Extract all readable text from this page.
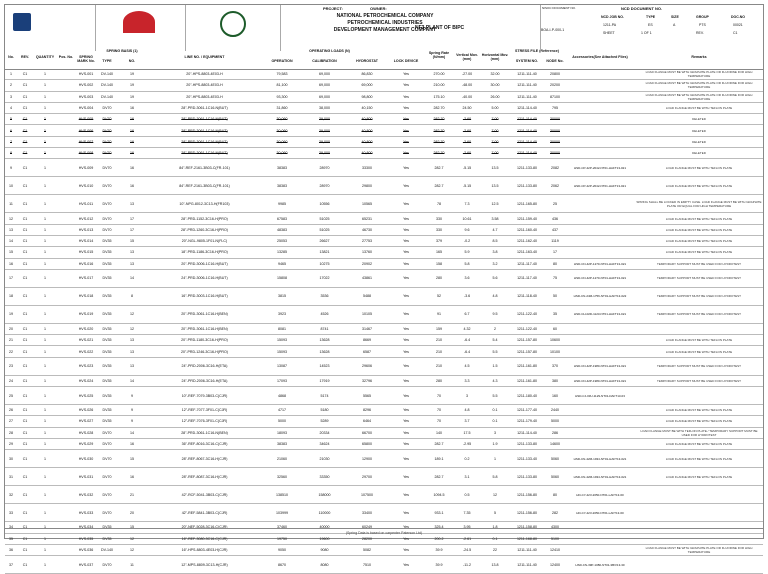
OWNER:
PROJECT:
NATIONAL PETROCHEMICAL COMPANY
PETROCHEMICAL INDUSTRIES
DEVELOPMENT MANAGEMENT COMPANY
NF3 PLANT OF BIPC
NISOC DOCUMENT NO.	NCD DOCUMENT NO.
BOA-I-P-000-1
NCD JOB NO.	TYPE	SIZE	GROUP	DOC.NO
1211-PA	ES	A	PTS	00021
SHEET	1 OF 1	REV.	C1
No.	REV.	QUANTITY	Pos. No.	SPRING MARK No.
SPRING BASIS (1)
TYPE	NO.
LINE NO. / EQUIPMENT
OPERATING LOADS (N)
OPERATION	CALIBRATION	HYDROSTAT	LOCK DEVICE
Spring Rate (N/mm)	Vertical Mov.(mm)
Horizontal Mov.(mm)
STRESS FILE (Reference)
SYSTEM NO.	NODE No.
Accessories(See Attached Files)	Remarks
1	C1	1		HVS-001	DV-140	19	20"-HPS-8803-4E03-H	79,583	69,000	86,830	Yes	270.00	-27.00	32.00	1211-111-40	20800		LOAD FLANGE MUST BE WITH GRAPHITE PLATE OR FLUORINE FOR HIGH TEMPERATURE
2	C1	1		HVS-002	DV-140	19	20"-HPS-8803-4E03-H	81,100	69,000	69,000	Yes	210.00	-48.00	30.00	1211-111-40	20200		LOAD FLANGE MUST BE WITH GRAPHITE PLATE OR FLUORINE FOR HIGH TEMPERATURE
3	C1	1		HVS-003	DV-140	19	20"-HPS-8803-4E03-H	93,300	69,000	98,800	Yes	175.10	-40.00	26.00	1211-111-40	87100		LOAD FLANGE MUST BE WITH GRAPHITE PLATE OR FLUORINE FOR HIGH TEMPERATURE
4	C1	1		HVS-004	DV70	16	28"-PRD-3061-1C16-N(BUT)	31,860	38,000	40,150	Yes	282.70	24.50	5.00	1211-114-40	795		LOAD FLANGE MUST BE WITH TEFLON PLATE
5	C1	1		HVS-005	DV70	16	28"-PRD-3061-1C16-N(BUT)	30,060	39,000	40,800	Yes	282.70	-2.60	7.00	1211-114-40	30000		DELETED
6	C1	1		HVS-006	DV70	16	28"-PRD-3061-1C16-N(BUT)	30,060	39,000	40,800	Yes	282.70	-2.60	7.00	1211-114-40	30000		DELETED
7	C1	1		HVS-007	DV70	16	28"-PRD-3061-1C16-N(BUT)	30,060	39,000	40,800	Yes	282.70	-2.60	7.00	1211-114-40	30000		DELETED
8	C1	1		HVS-008	DV70	16	28"-PRD-3061-1C16-N(BUT)	30,060	39,000	40,800	Yes	282.70	-2.60	7.00	1211-114-40	30000		DELETED
9	C1	1		HVS-009	DV70	16	84"-REF-2161-3B03-C(FR-101)	38383	28970	33300	Yes	282.7	-5.15	13.5	1211-133-80	2082	HSD-CP-42P-2042-NT01-HAFT13-021	LOAD FLANGE MUST BE WITH TEFLON PLATE
10	C1	1		HVS-010	DV70	16	84"-REF-2161-3B03-C(FR-101)	38383	28970	29800	Yes	282.7	-5.15	13.5	1211-133-80	2062	HSD-CP-42P-2042-NT01-HAFT13-021	LOAD FLANGE MUST BE WITH TEFLON PLATE
11	C1	1		HVS-011	DV70	13	10"-NPG-8012-3C13-H(FR103)	9985	10556	10565	Yes	78	7.3	12.5	1211-165-80	25		SPRING SHALL BE LOCKED IN EMPTY CASE. LOAD FLANGE MUST BE WITH GRAPHITE PLATE OR EQUAL FOR HIGH TEMPERATURE
12	C1	1		HVS-012	DV70	17	28"-PRD-1152-3C16-H(PRO)	67583	51025	65231	Yes	330	10.61	3.58	1211-159-40	436		LOAD FLANGE MUST BE WITH TEFLON PLATE
13	C1	1		HVS-013	DV70	17	28"-PRD-1260-3C16-H(PRO)	48383	51025	46730	Yes	330	9.6	4.7	1211-160-40	437		LOAD FLANGE MUST BE WITH TEFLON PLATE
14	C1	1		HVS-014	DV35	15	20"-NGL-9805-1F01-N(FLC)	25053	26627	27753	Yes	379	-0.2	8.5	1211-162-40	1119		LOAD FLANGE MUST BE WITH TEFLON PLATE
15	C1	1		HVS-015	DV35	13	18"-PRD-1186-3C16-H(PRO)	13285	13821	13760	Yes	165	5.9	3.8	1211-163-40	17		LOAD FLANGE MUST BE WITH TEFLON PLATE
16	C1	1		HVS-016	DV35	13	20"-PRD-3006-1C16-H(BUT)	9465	10275	20902	Yes	158	5.8	3.2	1211-117-40	80	HSD-CN-42P-1270-NT01-HAFT13-021	TEMPORARY SUPPORT MUST BE USED FOR HYDROTEST
17	C1	1		HVS-017	DV35	14	24"-PRD-3006-1C16-H(BUT)	15808	17022	43861	Yes	280	3.6	5.6	1211-117-40	75	HSD-CN-42P-1270-NT01-HAFT13-021	TEMPORARY SUPPORT MUST BE USED FOR HYDROTEST
18	C1	1		HVS-018	DV35	8	16"-PRD-3003-1C16-H(BUT)	3815	3536	5488	Yes	52	-3.6	4.8	1211-118-40	50	HSD-CN-24M-1756-NT01-HAFT13-022	TEMPORARY SUPPORT MUST BE USED FOR HYDROTEST
19	C1	1		HVS-019	DV35	12	20"-PRD-3061-1C16-H(BEN)	3923	4526	10105	Yes	91	6.7	9.5	1211-122-40	35	HSD-CH-02D-1123-NT01-HAFT13-021	TEMPORARY SUPPORT MUST BE USED FOR HYDROTEST
20	C1	1		HVS-020	DV35	12	20"-PRD-3061-1C16-H(BEN)	8081	8741	31467	Yes	159	4.32	2	1211-122-40	60		
21	C1	1		HVS-021	DV35	13	20"-PRD-1180-3C16-H(PRO)	15093	13628	8669	Yes	210	-6.4	5.4	1211-157-80	10600		LOAD FLANGE MUST BE WITH TEFLON PLATE
22	C1	1		HVS-022	DV35	13	20"-PRD-1246-3C16-H(PRO)	15093	13628	6587	Yes	210	-6.4	5.5	1211-157-80	10100		LOAD FLANGE MUST BE WITH TEFLON PLATE
23	C1	1		HVS-023	DV35	13	24"-PRD-2006-3C16-H(ETA)	13087	14523	29606	Yes	210	4.5	1.5	1211-161-80	370	HSD-CN-42P-1980-NT01-HAFT13-021	TEMPORARY SUPPORT MUST BE USED FOR HYDROTEST
24	C1	1		HVS-024	DV35	14	24"-PRD-2006-3C16-H(ETA)	17093	17919	32796	Yes	280	3.3	4.3	1211-161-80	380	HSD-CN-42P-1980-NT01-HAFT13-021	TEMPORARY SUPPORT MUST BE USED FOR HYDROTEST
25	C1	1		HVS-025	DV35	9	10"-REF-7079-3B03-C(CJR)	4868	5174	5565	Yes	70	3	5.5	1211-180-40	160	HSD-CJ-03U-1129-NT01-DAFT13-03	
26	C1	1		HVS-026	DV35	9	12"-REF-7077-3F01-C(CJR)	4717	5180	8296	Yes	70	4.8	0.1	1211-177-40	2440		LOAD FLANGE MUST BE WITH TEFLON PLATE
27	C1	1		HVS-027	DV35	9	12"-REF-7076-3F01-C(CJR)	5000	5289	6464	Yes	70	3.7	0.1	1211-179-40	5000		LOAD FLANGE MUST BE WITH TEFLON PLATE
28	C1	1		HVS-028	DV70	14	28"-PRD-3061-1C16-N(BEN)	18093	20334	66700	Yes	140	17.5	3	1211-114-40	286		LOAD FLANGE MUST BE WITH TEFLON PLATE / TEMPORARY SUPPORT MUST BE USED FOR HYDROTEST
29	C1	1		HVS-029	DV70	16	36"-REF-8016-3C16-C(CJR)	38383	34624	65800	Yes	282.7	-2.95	1.9	1211-133-80	14600		LOAD FLANGE MUST BE WITH TEFLON PLATE
30	C1	1		HVS-030	DV70	15	28"-REF-8067-3C16-H(CJR)	21060	21030	12900	Yes	189.1	0.2	1	1211-133-40	5060	HSD-CN-42M-1934-NT01-HAFT13-021	LOAD FLANGE MUST BE WITH TEFLON PLATE
31	C1	1		HVS-031	DV70	16	28"-REF-8087-3C16-H(CJR)	32560	33350	29700	Yes	282.7	3.1	5.8	1211-133-80	5060	HSD-CN-42M-1934-NT01-HAFT13-021	LOAD FLANGE MUST BE WITH TEFLON PLATE
32	C1	1		HVS-032	DV70	21	42"-RCF-5041-3B03-C(CJR)	138510	158000	107500	Yes	1094.5	0.5	12	1211-156-80	80	HD-CY-42V-2050-NT01-LAFT13-60	
33	C1	1		HVS-033	DV70	20	42"-REF-5841-3B03-C(CJR)	103999	110000	33400	Yes	933.1	7.35	5	1211-156-80	282	HD-CY-42V-2050-NT01-LAFT13-60	
34	C1	1		HVS-034	DV35	15	20"-NEF-5028-3C16-C(CJR)	37460	40000	60249	Yes	325.4	3.95	1.8	1211-158-80	4300		
35	C1	1		HVS-035	DV35	12	16"-REF-3080-3C16-C(CJR)	19750	19600	28200	Yes	200.2	-2.61	0.1	1211-168-80	5100		
36	C1	1		HVS-036	DV-140	12	16"-HPS-8803-4E03-H(CJR)	9050	9080	5082	Yes	39.9	-24.5	22	1211-111-40	12410		LOAD FLANGE MUST BE WITH GRAPHITE PLATE OR FLUORINE FOR HIGH TEMPERATURE
37	C1	1		HVS-037	DV70	11	12"-MPS-8809-3C13-H(CJR)	8670	8080	7510	Yes	39.9	-11.2	13.8	1211-111-40	12400	HSD-CN-39P-1080-NT01-3B/V13-30	
(Spring Data is based on carpenter Paterson Ltd)
